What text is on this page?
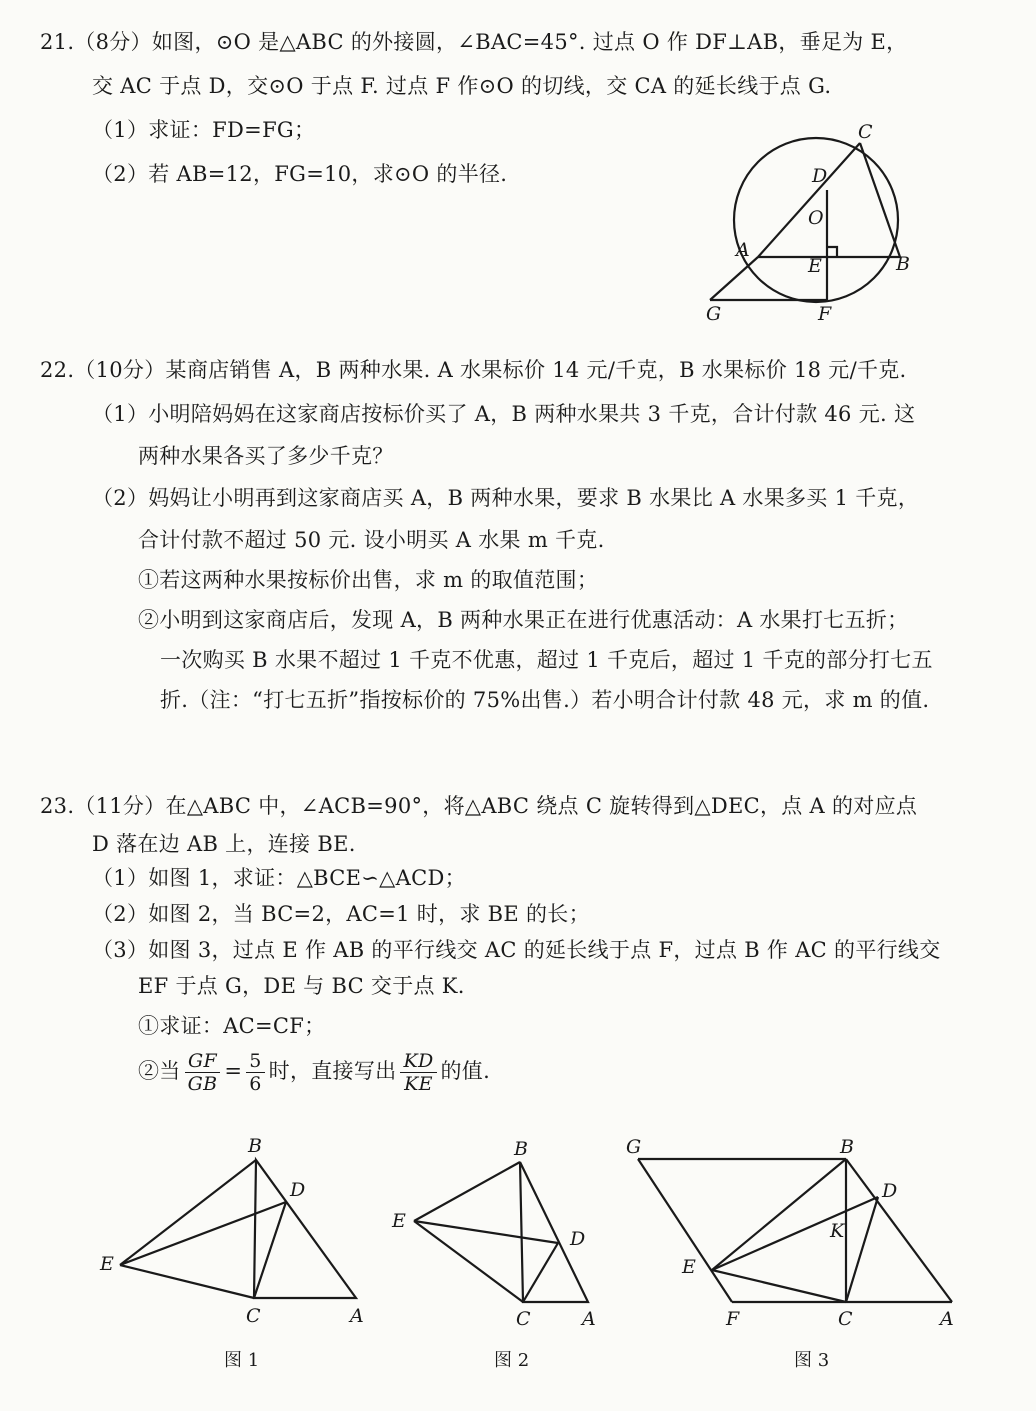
21.（8分）如图，⊙O 是△ABC 的外接圆，∠BAC=45°. 过点 O 作 DF⊥AB，垂足为 E，
交 AC 于点 D，交⊙O 于点 F. 过点 F 作⊙O 的切线，交 CA 的延长线于点 G.
（1）求证：FD=FG；
（2）若 AB=12，FG=10，求⊙O 的半径.
C
D
O
A
E	B
G	F
22.（10分）某商店销售 A，B 两种水果. A 水果标价 14 元/千克，B 水果标价 18 元/千克.
（1）小明陪妈妈在这家商店按标价买了 A，B 两种水果共 3 千克，合计付款 46 元. 这
两种水果各买了多少千克？
（2）妈妈让小明再到这家商店买 A，B 两种水果，要求 B 水果比 A 水果多买 1 千克，
合计付款不超过 50 元. 设小明买 A 水果 m 千克.
①若这两种水果按标价出售，求 m 的取值范围；
②小明到这家商店后，发现 A，B 两种水果正在进行优惠活动：A 水果打七五折；
一次购买 B 水果不超过 1 千克不优惠，超过 1 千克后，超过 1 千克的部分打七五
折.（注：“打七五折”指按标价的 75%出售.）若小明合计付款 48 元，求 m 的值.
23.（11分）在△ABC 中，∠ACB=90°，将△ABC 绕点 C 旋转得到△DEC，点 A 的对应点
D 落在边 AB 上，连接 BE.
（1）如图 1，求证：△BCE∽△ACD；
（2）如图 2，当 BC=2，AC=1 时，求 BE 的长；
（3）如图 3，过点 E 作 AB 的平行线交 AC 的延长线于点 F，过点 B 作 AC 的平行线交
EF 于点 G，DE 与 BC 交于点 K.
①求证：AC=CF；
②当 $\frac{GF}{GB} = \frac{5}{6}$ 时，直接写出 $\frac{KD}{KE}$ 的值.
B
D
E
C	A
图 1
B
E
D
C	A
图 2
G	B
D
K
E
F	C	A
图 3
